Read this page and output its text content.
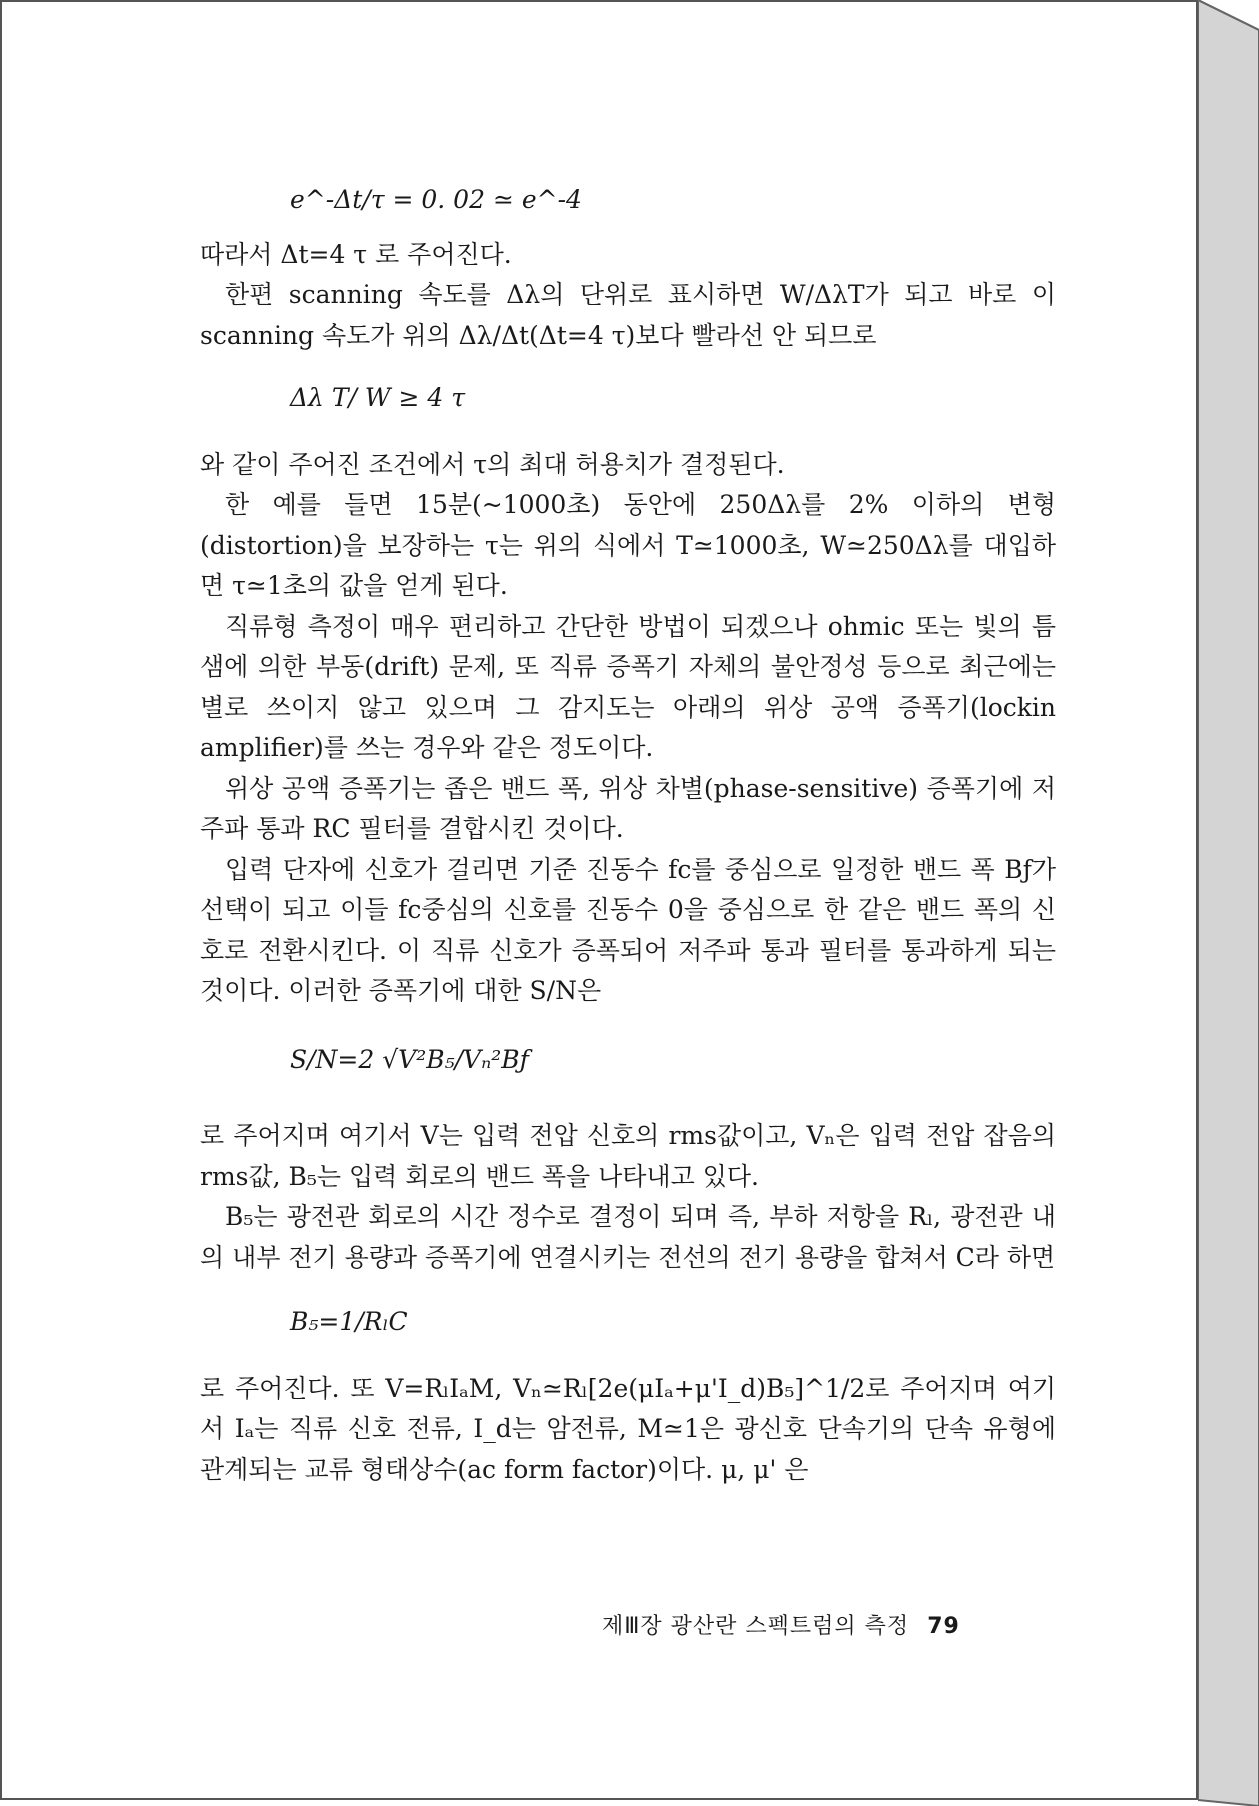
e^-Δt/τ = 0. 02 ≃ e^-4

따라서 Δt=4 τ 로 주어진다.

한편 scanning 속도를 Δλ의 단위로 표시하면 W/ΔλT가 되고 바로 이 scanning 속도가 위의 Δλ/Δt(Δt=4 τ)보다 빨라선 안 되므로

Δλ T/ W ≥ 4 τ

와 같이 주어진 조건에서 τ의 최대 허용치가 결정된다.

한 예를 들면 15분(~1000초) 동안에 250Δλ를 2% 이하의 변형 (distortion)을 보장하는 τ는 위의 식에서 T≃1000초, W≃250Δλ를 대입하면 τ≃1초의 값을 얻게 된다.

직류형 측정이 매우 편리하고 간단한 방법이 되겠으나 ohmic 또는 빛의 틈샘에 의한 부동(drift) 문제, 또 직류 증폭기 자체의 불안정성 등으로 최근에는 별로 쓰이지 않고 있으며 그 감지도는 아래의 위상 공액 증폭기(lockin amplifier)를 쓰는 경우와 같은 정도이다.

위상 공액 증폭기는 좁은 밴드 폭, 위상 차별(phase-sensitive) 증폭기에 저주파 통과 RC 필터를 결합시킨 것이다.

입력 단자에 신호가 걸리면 기준 진동수 fc를 중심으로 일정한 밴드 폭 Bƒ가 선택이 되고 이들 fc중심의 신호를 진동수 0을 중심으로 한 같은 밴드 폭의 신호로 전환시킨다. 이 직류 신호가 증폭되어 저주파 통과 필터를 통과하게 되는 것이다. 이러한 증폭기에 대한 S/N은

S/N=2 √V²B₅/Vₙ²Bƒ

로 주어지며 여기서 V는 입력 전압 신호의 rms값이고, Vₙ은 입력 전압 잡음의 rms값, B₅는 입력 회로의 밴드 폭을 나타내고 있다.

B₅는 광전관 회로의 시간 정수로 결정이 되며 즉, 부하 저항을 Rₗ, 광전관 내의 내부 전기 용량과 증폭기에 연결시키는 전선의 전기 용량을 합쳐서 C라 하면

B₅=1/RₗC

로 주어진다. 또 V=RₗIₐM, Vₙ≃Rₗ[2e(μIₐ+μ'I_d)B₅]^1/2로 주어지며 여기서 Iₐ는 직류 신호 전류, I_d는 암전류, M≃1은 광신호 단속기의 단속 유형에 관계되는 교류 형태상수(ac form factor)이다. μ, μ' 은

제Ⅲ장 광산란 스펙트럼의 측정 79
